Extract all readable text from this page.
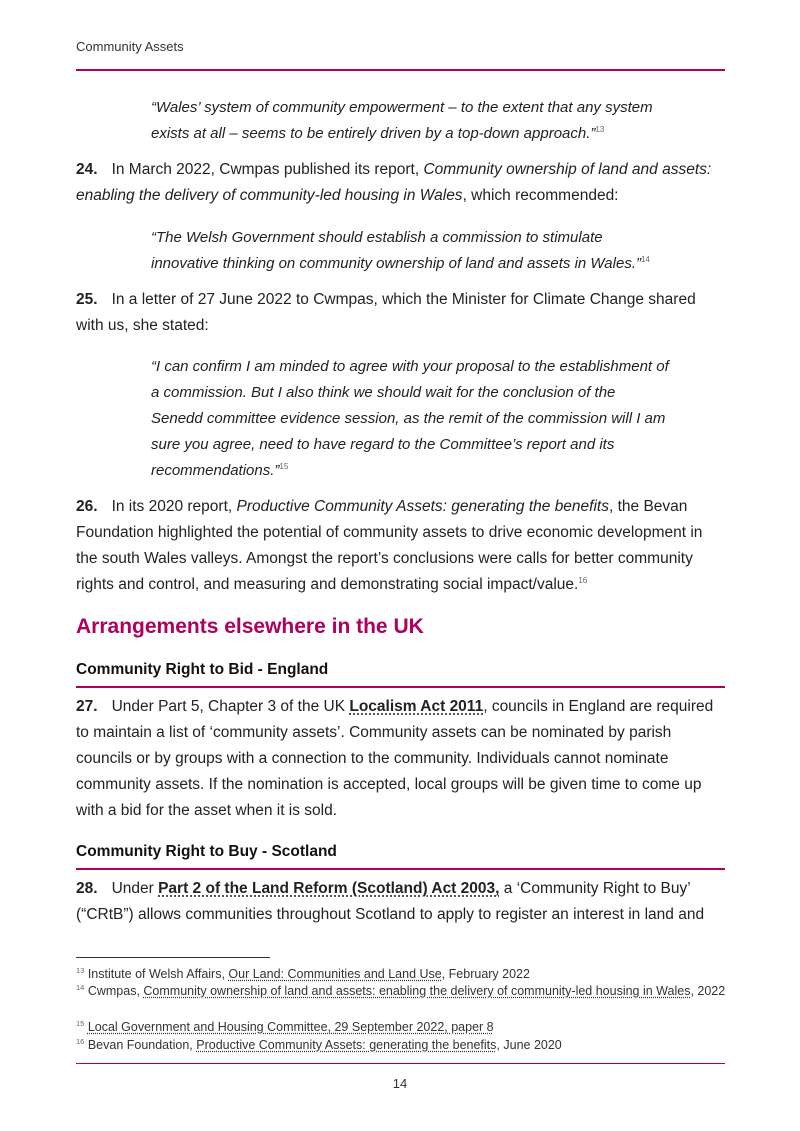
Community Assets
“Wales’ system of community empowerment – to the extent that any system exists at all – seems to be entirely driven by a top-down approach.”$^{13}$
24. In March 2022, Cwmpas published its report, Community ownership of land and assets: enabling the delivery of community-led housing in Wales, which recommended:
“The Welsh Government should establish a commission to stimulate innovative thinking on community ownership of land and assets in Wales.”$^{14}$
25. In a letter of 27 June 2022 to Cwmpas, which the Minister for Climate Change shared with us, she stated:
“I can confirm I am minded to agree with your proposal to the establishment of a commission. But I also think we should wait for the conclusion of the Senedd committee evidence session, as the remit of the commission will I am sure you agree, need to have regard to the Committee’s report and its recommendations.”$^{15}$
26. In its 2020 report, Productive Community Assets: generating the benefits, the Bevan Foundation highlighted the potential of community assets to drive economic development in the south Wales valleys. Amongst the report’s conclusions were calls for better community rights and control, and measuring and demonstrating social impact/value.$^{16}$
Arrangements elsewhere in the UK
Community Right to Bid - England
27. Under Part 5, Chapter 3 of the UK Localism Act 2011, councils in England are required to maintain a list of ‘community assets’. Community assets can be nominated by parish councils or by groups with a connection to the community. Individuals cannot nominate community assets. If the nomination is accepted, local groups will be given time to come up with a bid for the asset when it is sold.
Community Right to Buy - Scotland
28. Under Part 2 of the Land Reform (Scotland) Act 2003, a ‘Community Right to Buy’ (“CRtB”) allows communities throughout Scotland to apply to register an interest in land and
$^{13}$ Institute of Welsh Affairs, Our Land: Communities and Land Use, February 2022
$^{14}$ Cwmpas, Community ownership of land and assets: enabling the delivery of community-led housing in Wales, 2022
$^{15}$ Local Government and Housing Committee, 29 September 2022, paper 8
$^{16}$ Bevan Foundation, Productive Community Assets: generating the benefits, June 2020
14
